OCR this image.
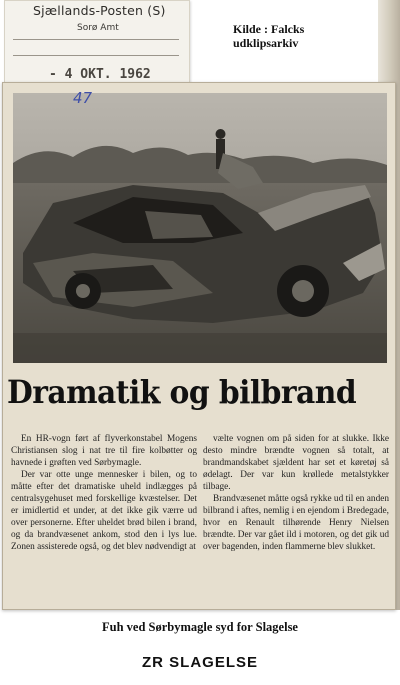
Sjællands-Posten (S)
Sorø Amt
- 4 OKT. 1962
Kilde : Falcks
udklipsarkiv
47
Dramatik og bilbrand

En HR-vogn ført af flyverkonstabel Mogens Christiansen slog i nat tre til fire kolbøtter og havnede i grøften ved Sørbymagle.

Der var otte unge mennesker i bilen, og to måtte efter det dramatiske uheld indlægges på centralsygehuset med forskellige kvæstelser. Det er imidlertid et under, at det ikke gik værre ud over personerne. Efter uheldet brød bilen i brand, og da brandvæsenet ankom, stod den i lys lue. Zonen assisterede også, og det blev nødvendigt at

vælte vognen om på siden for at slukke. Ikke desto mindre brændte vognen så totalt, at brandmandskabet sjældent har set et køretøj så ødelagt. Der var kun krøllede metalstykker tilbage.

Brandvæsenet måtte også rykke ud til en anden bilbrand i aftes, nemlig i en ejendom i Bredegade, hvor en Renault tilhørende Henry Nielsen brændte. Der var gået ild i motoren, og det gik ud over bagenden, inden flammerne blev slukket.

Fuh ved Sørbymagle syd for Slagelse
ZR SLAGELSE
